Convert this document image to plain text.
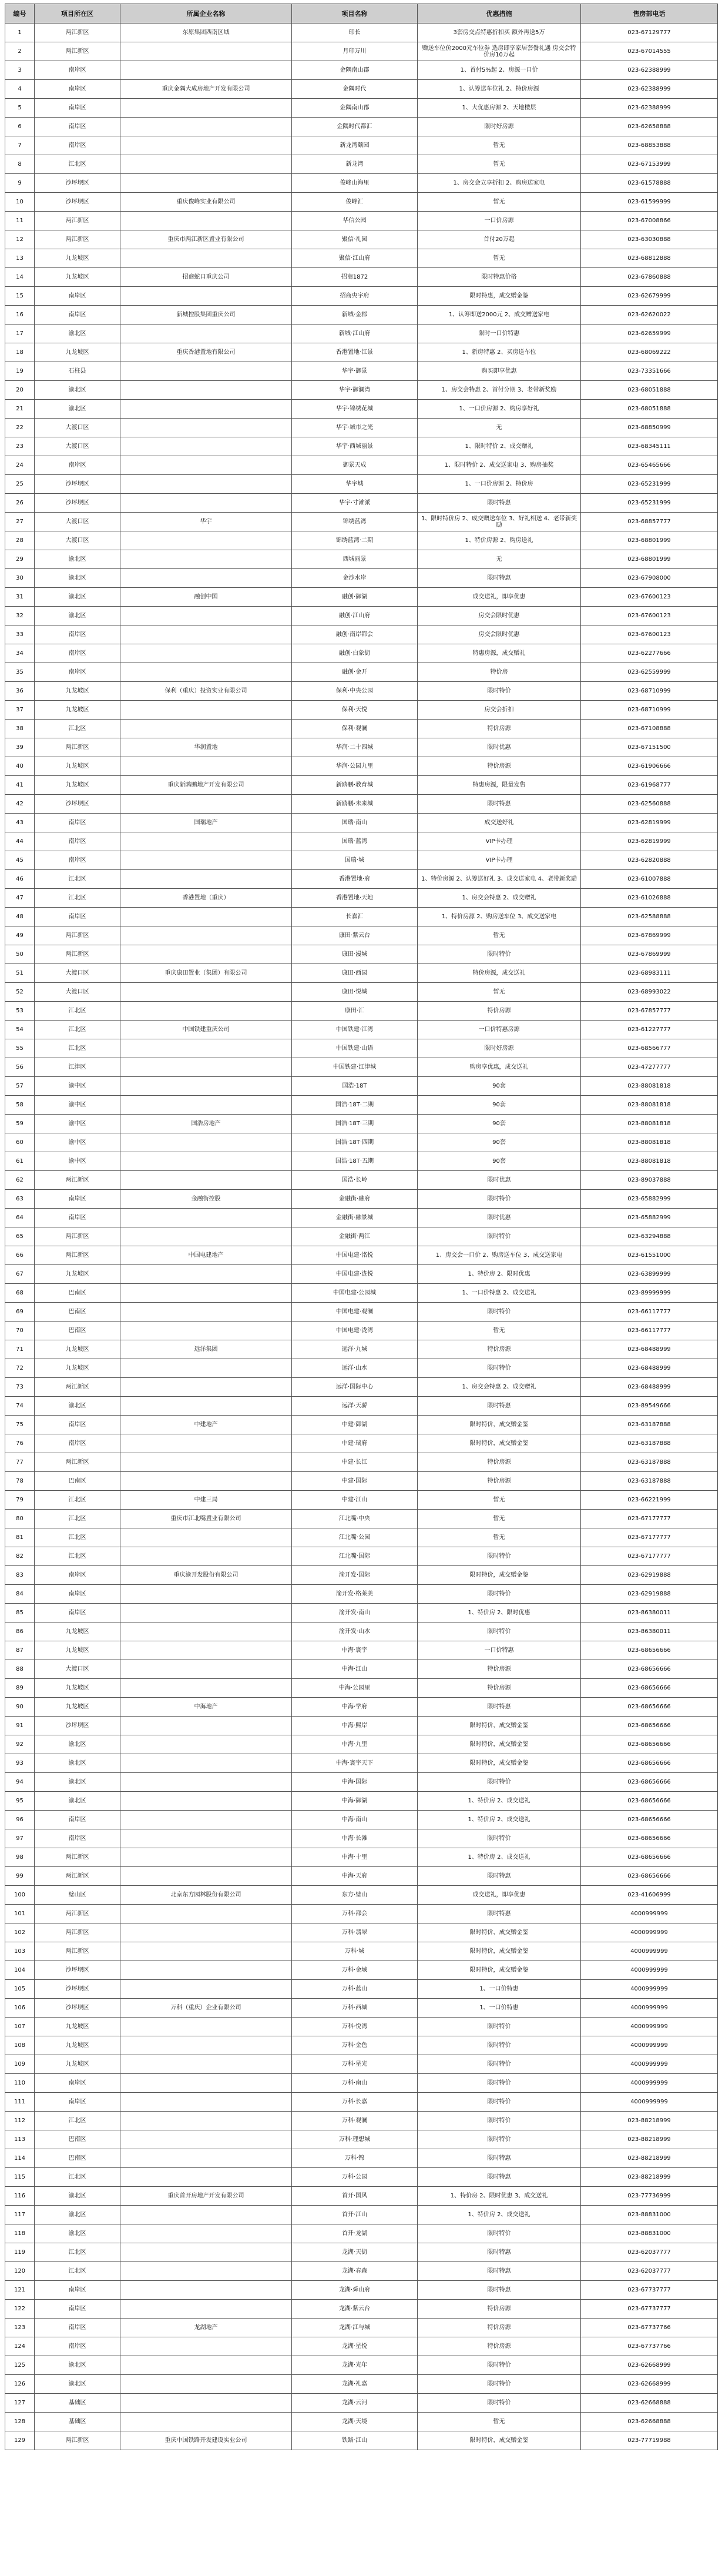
编号	项目所在区	所属企业名称	项目名称	优惠措施	售房部电话
1	两江新区	东原集团西南区域	印长	3套房交点特惠折扣买 额外再送5万	023-67129777
2	两江新区		月印万川	赠送车位价2000元车位券 选房即享家居套餐礼遇 房交会特价房10万起	023-67014555
3	南岸区		金隅南山郡	1、首付5%起 2、房源一口价	023-62388999
4	南岸区	重庆金隅大成房地产开发有限公司	金隅时代	1、认筹送车位礼 2、特价房源	023-62388999
5	南岸区		金隅南山郡	1、大优惠房源 2、天地楼层	023-62388999
6	南岸区		金隅时代都汇	限时好房源	023-62658888
7	南岸区		新龙湾颐园	暂无	023-68853888
8	江北区		新龙湾	暂无	023-67153999
9	沙坪坝区		俊峰山海里	1、房交会立享折扣 2、购房送家电	023-61578888
10	沙坪坝区	重庆俊峰实业有限公司	俊峰汇	暂无	023-61599999
11	两江新区		华信公园	一口价房源	023-67008866
12	两江新区	重庆市两江新区置业有限公司	聚信·礼园	首付20万起	023-63030888
13	九龙坡区		聚信·江山府	暂无	023-68812888
14	九龙坡区	招商蛇口重庆公司	招商1872	限时特惠价格	023-67860888
15	南岸区		招商央宇府	限时特惠，成交赠金鉴	023-62679999
16	南岸区	新城控股集团重庆公司	新城·金郡	1、认筹即送2000元 2、成交赠送家电	023-62620022
17	渝北区		新城·江山府	限时一口价特惠	023-62659999
18	九龙坡区	重庆香港置地有限公司	香港置地·江景	1、新房特惠 2、买房送车位	023-68069222
19	石柱县		华宇·御景	购买即享优惠	023-73351666
20	渝北区		华宇·御澜湾	1、房交会特惠 2、首付分期 3、老带新奖励	023-68051888
21	渝北区		华宇·锦绣花城	1、一口价房源 2、购房享好礼	023-68051888
22	大渡口区		华宇·城市之光	无	023-68850999
23	大渡口区		华宇·西城丽景	1、限时特价 2、成交赠礼	023-68345111
24	南岸区		御景天成	1、限时特价 2、成交送家电 3、购房抽奖	023-65465666
25	沙坪坝区		华宇城	1、一口价房源 2、特价房	023-65231999
26	沙坪坝区		华宇·寸滩派	限时特惠	023-65231999
27	大渡口区	华宇	锦绣蓝湾	1、限时特价房 2、成交赠送车位 3、好礼相送 4、老带新奖励	023-68857777
28	大渡口区		锦绣蓝湾·二期	1、特价房源 2、购房送礼	023-68801999
29	渝北区		西城丽景	无	023-68801999
30	渝北区		金沙水岸	限时特惠	023-67908000
31	渝北区	融创中国	融创·御湖	成交送礼，即享优惠	023-67600123
32	渝北区		融创·江山府	房交会限时优惠	023-67600123
33	南岸区		融创·南岸都会	房交会限时优惠	023-67600123
34	南岸区		融创·白象街	特惠房源，成交赠礼	023-62277666
35	南岸区		融创·金开	特价房	023-62559999
36	九龙坡区	保利（重庆）投资实业有限公司	保利·中央公园	限时特价	023-68710999
37	九龙坡区		保利·天悦	房交会折扣	023-68710999
38	江北区		保利·观澜	特价房源	023-67108888
39	两江新区	华润置地	华润·二十四城	限时优惠	023-67151500
40	九龙坡区		华润·公园九里	特价房源	023-61906666
41	九龙坡区	重庆新鸥鹏地产开发有限公司	新鸥鹏·教育城	特惠房源，限量发售	023-61968777
42	沙坪坝区		新鸥鹏·未来城	限时特惠	023-62560888
43	南岸区	国瑞地产	国瑞·南山	成交送好礼	023-62819999
44	南岸区		国瑞·蓝湾	VIP卡办理	023-62819999
45	南岸区		国瑞·城	VIP卡办理	023-62820888
46	江北区		香港置地·府	1、特价房源 2、认筹送好礼 3、成交送家电 4、老带新奖励	023-61007888
47	江北区	香港置地（重庆）	香港置地·天地	1、房交会特惠 2、成交赠礼	023-61026888
48	南岸区		长嘉汇	1、特价房源 2、购房送车位 3、成交送家电	023-62588888
49	两江新区		康田·紫云台	暂无	023-67869999
50	两江新区		康田·漫城	限时特价	023-67869999
51	大渡口区	重庆康田置业（集团）有限公司	康田·西园	特价房源，成交送礼	023-68983111
52	大渡口区		康田·悦城	暂无	023-68993022
53	江北区		康田·汇	特价房源	023-67857777
54	江北区	中国铁建重庆公司	中国铁建·江湾	一口价特惠房源	023-61227777
55	江北区		中国铁建·山语	限时好房源	023-68566777
56	江津区		中国铁建·江津城	购房享优惠，成交送礼	023-47277777
57	渝中区		国浩·18T	90套	023-88081818
58	渝中区		国浩·18T·二期	90套	023-88081818
59	渝中区	国浩房地产	国浩·18T·三期	90套	023-88081818
60	渝中区		国浩·18T·四期	90套	023-88081818
61	渝中区		国浩·18T·五期	90套	023-88081818
62	两江新区		国浩·长岭	限时优惠	023-89037888
63	南岸区	金融街控股	金融街·融府	限时特价	023-65882999
64	南岸区		金融街·融景城	限时优惠	023-65882999
65	两江新区		金融街·两江	限时特价	023-63294888
66	两江新区	中国电建地产	中国电建·洺悦	1、房交会一口价 2、购房送车位 3、成交送家电	023-61551000
67	九龙坡区		中国电建·泷悦	1、特价房 2、限时优惠	023-63899999
68	巴南区		中国电建·公园城	1、一口价特惠 2、成交送礼	023-89999999
69	巴南区		中国电建·观澜	限时特价	023-66117777
70	巴南区		中国电建·泷湾	暂无	023-66117777
71	九龙坡区	远洋集团	远洋·九城	特价房源	023-68488999
72	九龙坡区		远洋·山水	限时特价	023-68488999
73	两江新区		远洋·国际中心	1、房交会特惠 2、成交赠礼	023-68488999
74	渝北区		远洋·天骄	限时特惠	023-89549666
75	南岸区	中建地产	中建·御湖	限时特价，成交赠金鉴	023-63187888
76	南岸区		中建·瑞府	限时特价，成交赠金鉴	023-63187888
77	两江新区		中建·长江	特价房源	023-63187888
78	巴南区		中建·国际	特价房源	023-63187888
79	江北区	中建三局	中建·江山	暂无	023-66221999
80	江北区	重庆市江北嘴置业有限公司	江北嘴·中央	暂无	023-67177777
81	江北区		江北嘴·公园	暂无	023-67177777
82	江北区		江北嘴·国际	限时特价	023-67177777
83	南岸区	重庆渝开发股份有限公司	渝开发·国际	限时特价，成交赠金鉴	023-62919888
84	南岸区		渝开发·格莱美	限时特价	023-62919888
85	南岸区		渝开发·南山	1、特价房 2、限时优惠	023-86380011
86	九龙坡区		渝开发·山水	限时特价	023-86380011
87	九龙坡区		中海·寰宇	一口价特惠	023-68656666
88	大渡口区		中海·江山	特价房源	023-68656666
89	九龙坡区		中海·公园里	特价房源	023-68656666
90	九龙坡区	中海地产	中海·学府	限时特惠	023-68656666
91	沙坪坝区		中海·熙岸	限时特价，成交赠金鉴	023-68656666
92	渝北区		中海·九里	限时特价，成交赠金鉴	023-68656666
93	渝北区		中海·寰宇天下	限时特价，成交赠金鉴	023-68656666
94	渝北区		中海·国际	限时特价	023-68656666
95	渝北区		中海·御湖	1、特价房 2、成交送礼	023-68656666
96	南岸区		中海·南山	1、特价房 2、成交送礼	023-68656666
97	南岸区		中海·长滩	限时特价	023-68656666
98	两江新区		中海·十里	1、特价房 2、成交送礼	023-68656666
99	两江新区		中海·天府	限时特惠	023-68656666
100	璧山区	北京东方园林股份有限公司	东方·璧山	成交送礼，即享优惠	023-41606999
101	两江新区		万科·都会	限时特惠	4000999999
102	两江新区		万科·翡翠	限时特价，成交赠金鉴	4000999999
103	两江新区		万科·城	限时特价，成交赠金鉴	4000999999
104	沙坪坝区		万科·金域	限时特价，成交赠金鉴	4000999999
105	沙坪坝区		万科·蓝山	1、一口价特惠	4000999999
106	沙坪坝区	万科（重庆）企业有限公司	万科·西城	1、一口价特惠	4000999999
107	九龙坡区		万科·悦湾	限时特价	4000999999
108	九龙坡区		万科·金色	限时特价	4000999999
109	九龙坡区		万科·星光	限时特价	4000999999
110	南岸区		万科·南山	限时特价	4000999999
111	南岸区		万科·长嘉	限时特价	4000999999
112	江北区		万科·观澜	限时特价	023-88218999
113	巴南区		万科·理想城	限时特价	023-88218999
114	巴南区		万科·锦	限时特惠	023-88218999
115	江北区		万科·公园	限时特惠	023-88218999
116	渝北区	重庆首开房地产开发有限公司	首开·国风	1、特价房 2、限时优惠 3、成交送礼	023-77736999
117	渝北区		首开·江山	1、特价房 2、成交送礼	023-88831000
118	渝北区		首开·龙湖	限时特价	023-88831000
119	江北区		龙湖·天街	限时特惠	023-62037777
120	江北区		龙湖·春森	限时特惠	023-62037777
121	南岸区		龙湖·舜山府	限时特惠	023-67737777
122	南岸区		龙湖·紫云台	特价房源	023-67737777
123	南岸区	龙湖地产	龙湖·江与城	特价房源	023-67737766
124	南岸区		龙湖·星悦	特价房源	023-67737766
125	渝北区		龙湖·光年	限时特价	023-62668999
126	渝北区		龙湖·礼嘉	限时特价	023-62668999
127	基础区		龙湖·云河	限时特价	023-62668888
128	基础区		龙湖·天境	暂无	023-62668888
129	两江新区	重庆中国铁路开发建设实业公司	铁路·江山	限时特价，成交赠金鉴	023-77719988
